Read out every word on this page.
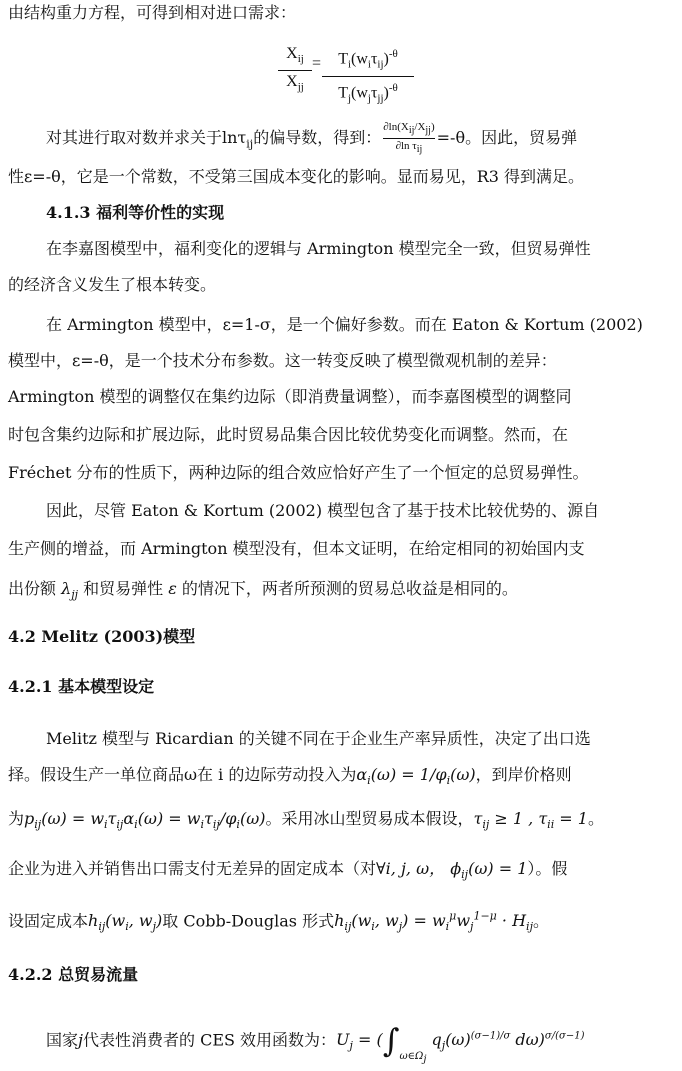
由结构重力方程，可得到相对进口需求：
$X_{ij}$
$X_{jj}$
=	$T_i(w_i\tau_{ij})^{-\theta}$
$T_j(w_j\tau_{jj})^{-\theta}$
对其进行取对数并求关于lnτ$_{ij}$的偏导数，得到：
$\partial\ln(X_{ij}/X_{jj})$
∂ln $\tau_{ij}$
=-θ。因此，贸易弹
性ε=-θ，它是一个常数，不受第三国成本变化的影响。显而易见，R3 得到满足。
4.1.3 福利等价性的实现
在李嘉图模型中，福利变化的逻辑与 Armington 模型完全一致，但贸易弹性
的经济含义发生了根本转变。
在 Armington 模型中，ε=1-σ，是一个偏好参数。而在 Eaton & Kortum (2002)
模型中，ε=-θ，是一个技术分布参数。这一转变反映了模型微观机制的差异：
Armington 模型的调整仅在集约边际（即消费量调整），而李嘉图模型的调整同
时包含集约边际和扩展边际，此时贸易品集合因比较优势变化而调整。然而，在
Fréchet 分布的性质下，两种边际的组合效应恰好产生了一个恒定的总贸易弹性。
因此，尽管 Eaton & Kortum (2002) 模型包含了基于技术比较优势的、源自
生产侧的增益，而 Armington 模型没有，但本文证明，在给定相同的初始国内支
出份额 $\lambda_{jj}$ 和贸易弹性 ε 的情况下，两者所预测的贸易总收益是相同的。
4.2 Melitz (2003)模型
4.2.1 基本模型设定
Melitz 模型与 Ricardian 的关键不同在于企业生产率异质性，决定了出口选
择。假设生产一单位商品ω在 i 的边际劳动投入为$\alpha_i(\omega) = 1/\varphi_i(\omega)$，到岸价格则
为$p_{ij}(\omega) = w_i\tau_{ij}\alpha_i(\omega) = w_i\tau_{ij}/\varphi_i(\omega)$。采用冰山型贸易成本假设，$\tau_{ij} \ge 1$ , $\tau_{ii} = 1$。
企业为进入并销售出口需支付无差异的固定成本（对∀i, j, ω， $\phi_{ij}(\omega) = 1$）。假
设固定成本$h_{ij}(w_i$, $w_j$)取 Cobb-Douglas 形式$h_{ij}(w_i$, $w_j) = w_i^\mu w_j^{1-\mu} \cdot H_{ij}$。
4.2.2 总贸易流量
国家j代表性消费者的 CES 效用函数为：$U_j = (\int_{\omega\in\Omega_j}$ $q_j(\omega)^{(\sigma-1)/\sigma}$ dω)$^{\sigma/(\sigma-1)}$
